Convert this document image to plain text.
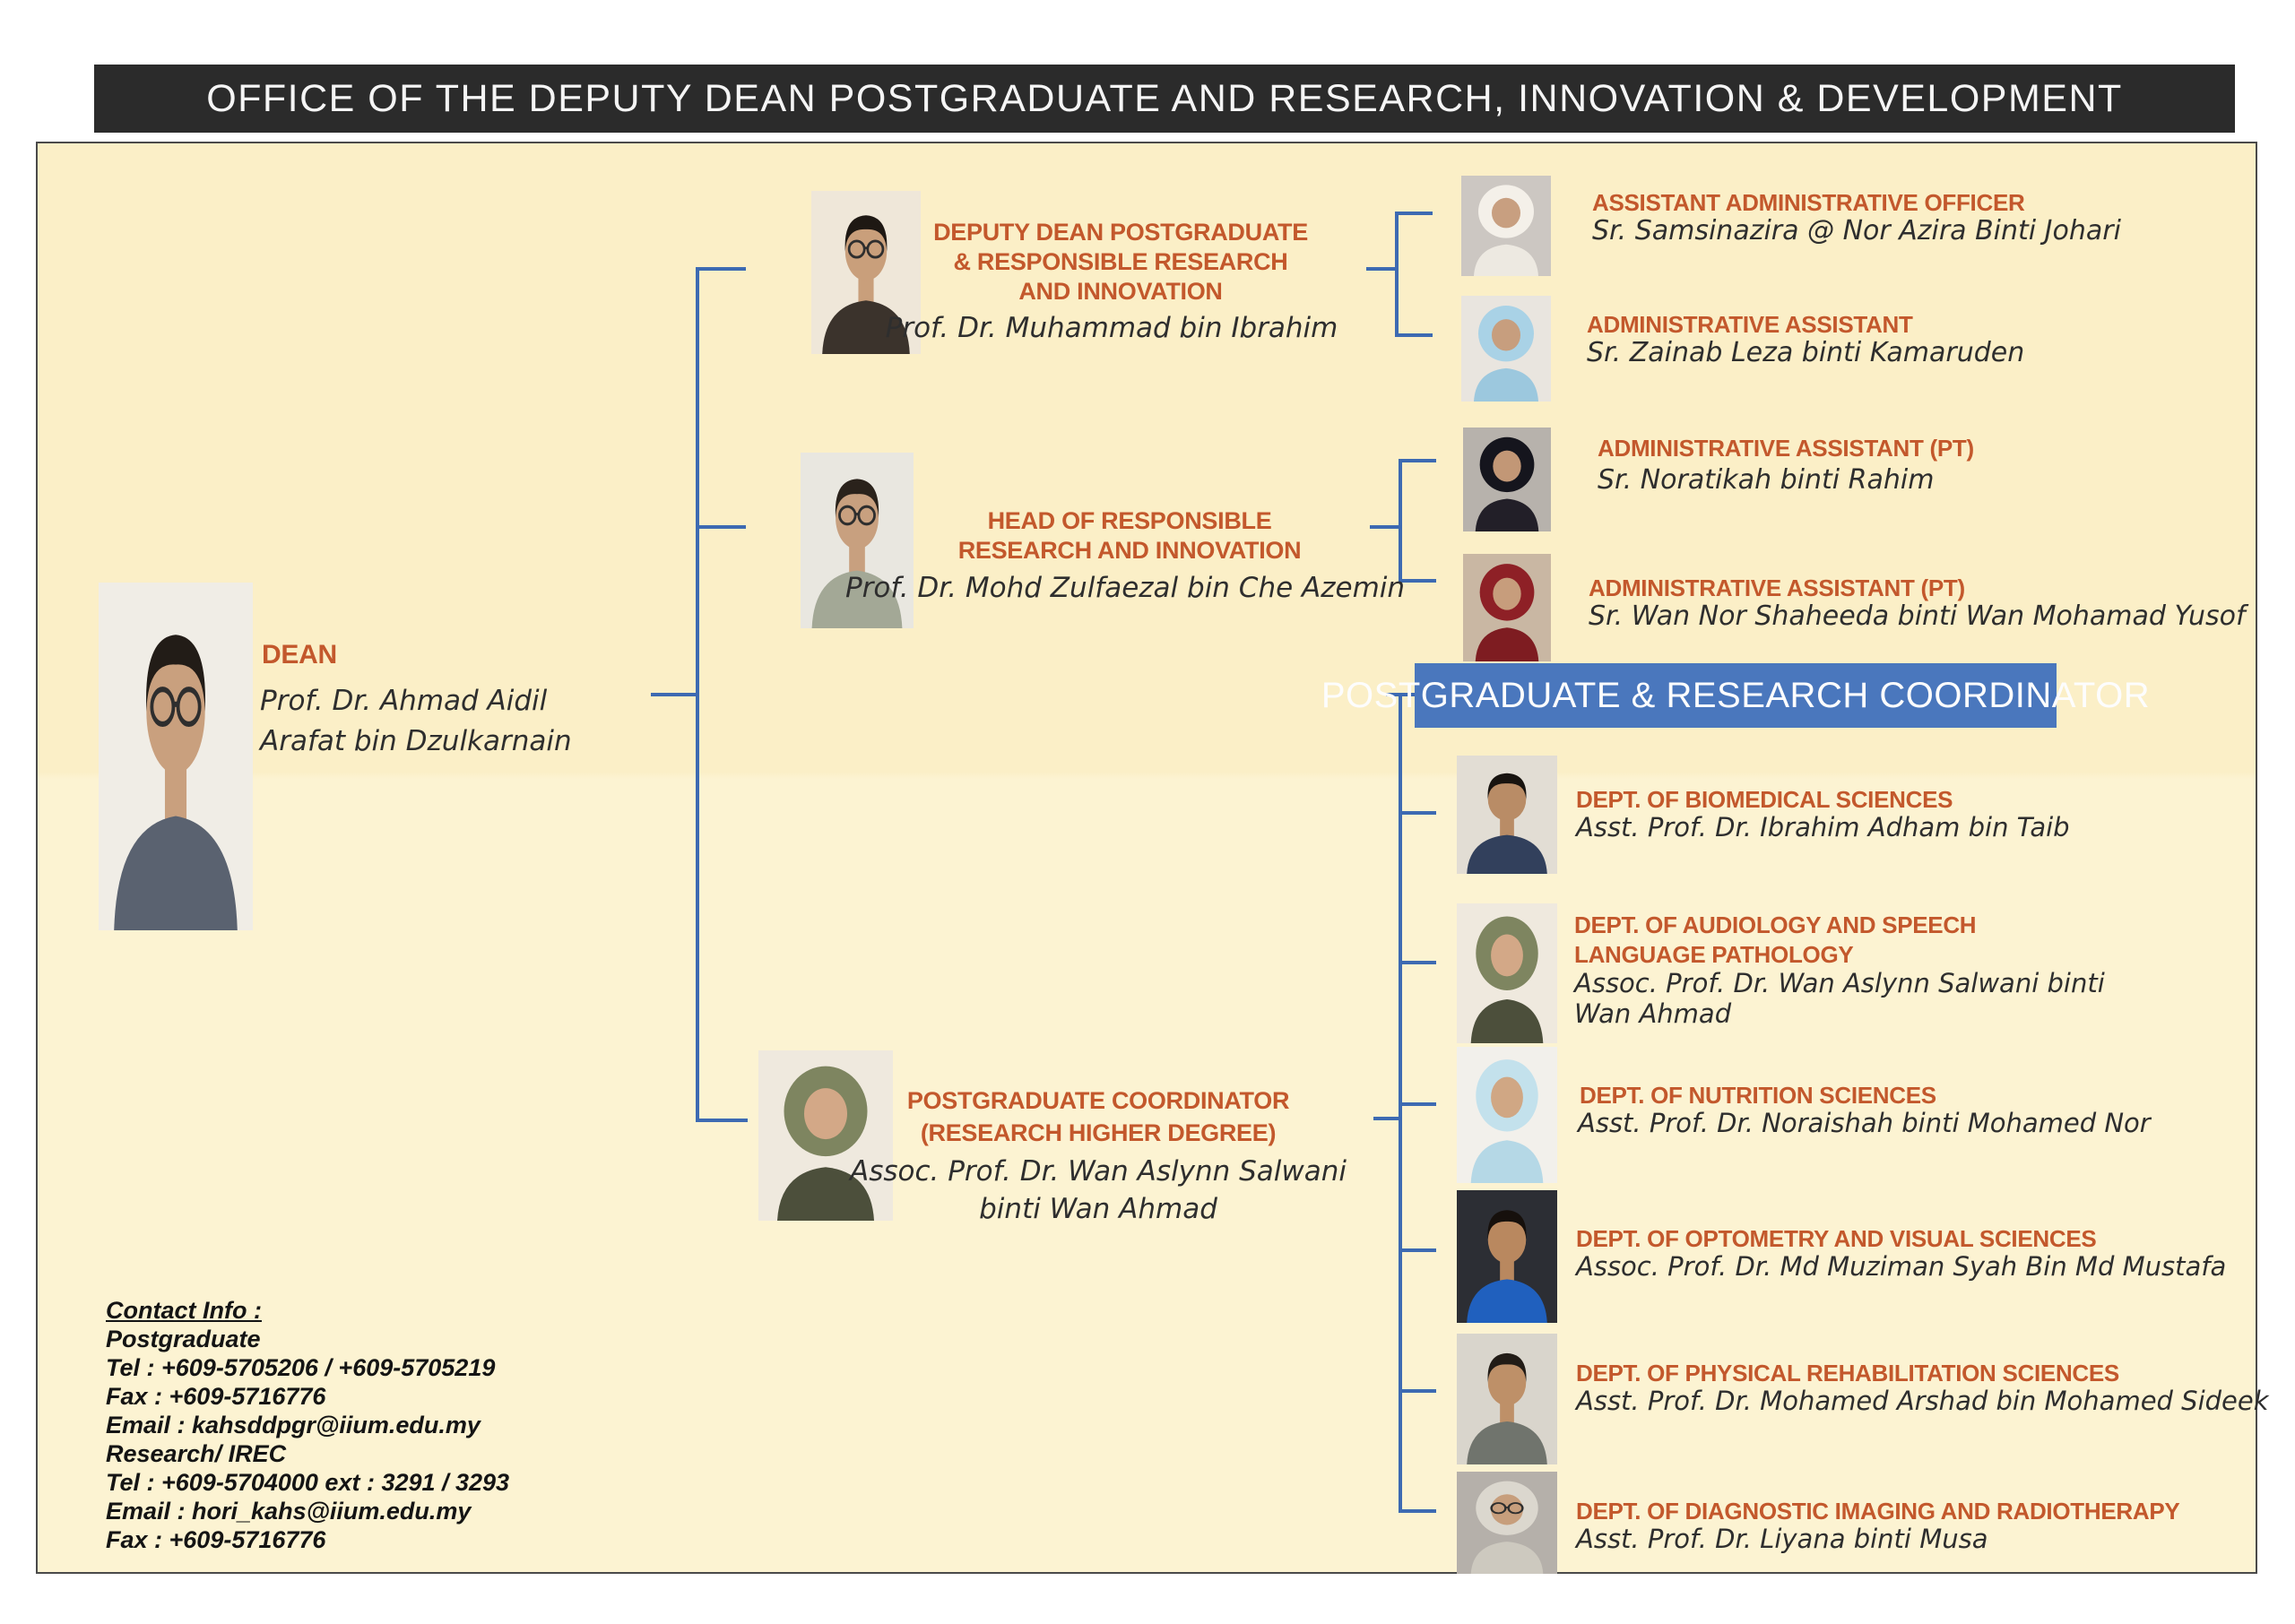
OFFICE OF THE DEPUTY DEAN POSTGRADUATE AND RESEARCH, INNOVATION & DEVELOPMENT
DEAN
Prof. Dr. Ahmad Aidil Arafat bin Dzulkarnain
DEPUTY DEAN POSTGRADUATE & RESPONSIBLE RESEARCH AND INNOVATION
Prof. Dr. Muhammad bin Ibrahim
HEAD OF RESPONSIBLE RESEARCH AND INNOVATION
Prof. Dr. Mohd Zulfaezal bin Che Azemin
ASSISTANT ADMINISTRATIVE OFFICER
Sr. Samsinazira @ Nor Azira Binti Johari
ADMINISTRATIVE ASSISTANT
Sr. Zainab Leza binti Kamaruden
ADMINISTRATIVE ASSISTANT (PT)
Sr. Noratikah binti Rahim
ADMINISTRATIVE ASSISTANT (PT)
Sr. Wan Nor Shaheeda binti Wan Mohamad Yusof
POSTGRADUATE & RESEARCH COORDINATOR
POSTGRADUATE COORDINATOR (RESEARCH HIGHER DEGREE)
Assoc. Prof. Dr. Wan Aslynn Salwani binti Wan Ahmad
DEPT. OF BIOMEDICAL SCIENCES
Asst. Prof. Dr. Ibrahim Adham bin Taib
DEPT. OF AUDIOLOGY AND SPEECH LANGUAGE PATHOLOGY
Assoc. Prof. Dr. Wan Aslynn Salwani binti Wan Ahmad
DEPT. OF NUTRITION SCIENCES
Asst. Prof. Dr. Noraishah binti Mohamed Nor
DEPT. OF OPTOMETRY AND VISUAL SCIENCES
Assoc. Prof. Dr. Md Muziman Syah Bin Md Mustafa
DEPT. OF PHYSICAL REHABILITATION SCIENCES
Asst. Prof. Dr. Mohamed Arshad bin Mohamed Sideek
DEPT. OF DIAGNOSTIC IMAGING AND RADIOTHERAPY
Asst. Prof. Dr. Liyana binti Musa
Contact Info :
Postgraduate
Tel : +609-5705206 / +609-5705219
Fax : +609-5716776
Email : kahsddpgr@iium.edu.my
Research/ IREC
Tel : +609-5704000 ext : 3291 / 3293
Email : hori_kahs@iium.edu.my
Fax : +609-5716776
